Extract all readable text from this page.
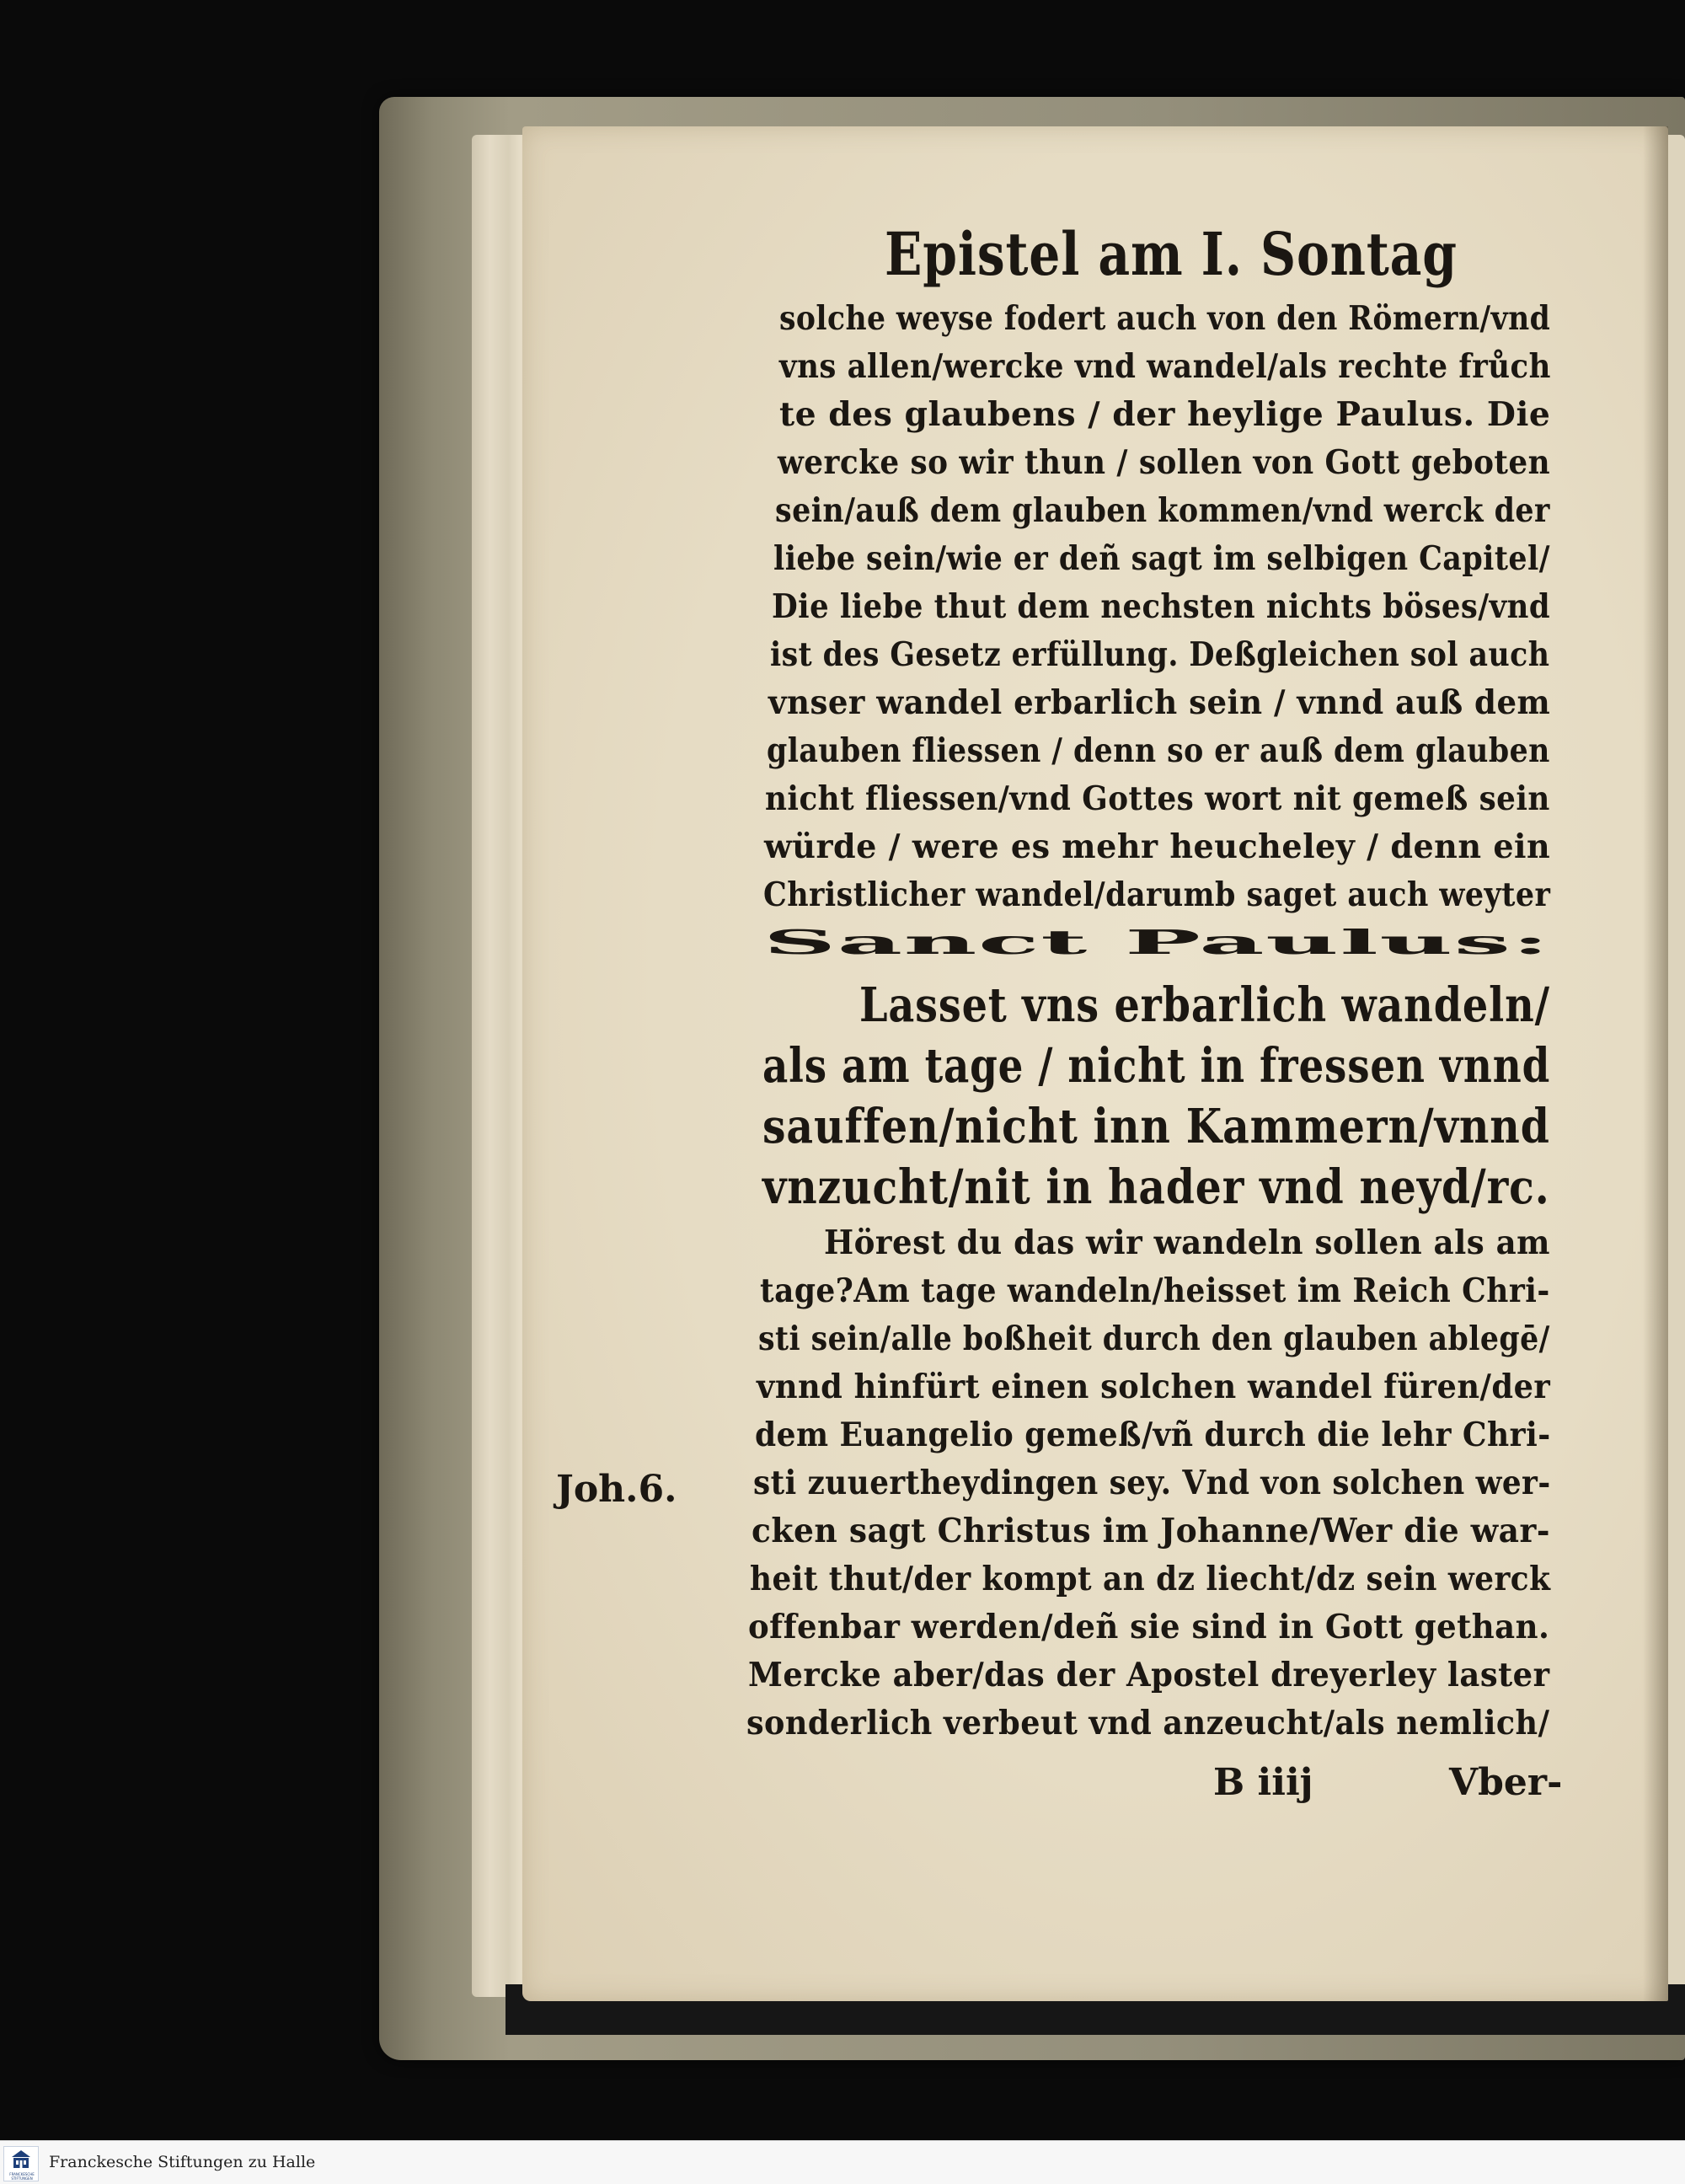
Epistel am I. Sontag
solche weyse fodert auch von den Römern/vnd
vns allen/wercke vnd wandel/als rechte frůch
te des glaubens / der heylige Paulus. Die
wercke so wir thun / sollen von Gott geboten
sein/auß dem glauben kommen/vnd werck der
liebe sein/wie er deñ sagt im selbigen Capitel/
Die liebe thut dem nechsten nichts böses/vnd
ist des Gesetz erfüllung. Deßgleichen sol auch
vnser wandel erbarlich sein / vnnd auß dem
glauben fliessen / denn so er auß dem glauben
nicht fliessen/vnd Gottes wort nit gemeß sein
würde / were es mehr heucheley / denn ein
Christlicher wandel/darumb saget auch weyter
Sanct Paulus:
Lasset vns erbarlich wandeln/
als am tage / nicht in fressen vnnd
sauffen/nicht inn Kammern/vnnd
vnzucht/nit in hader vnd neyd/rc.
Hörest du das wir wandeln sollen als am
tage?Am tage wandeln/heisset im Reich Chri-
sti sein/alle boßheit durch den glauben ablegē/
vnnd hinfürt einen solchen wandel füren/der
dem Euangelio gemeß/vñ durch die lehr Chri-
sti zuuertheydingen sey. Vnd von solchen wer-
cken sagt Christus im Johanne/Wer die war-
heit thut/der kompt an dz liecht/dz sein werck
offenbar werden/deñ sie sind in Gott gethan.
Mercke aber/das der Apostel dreyerley laster
sonderlich verbeut vnd anzeucht/als nemlich/
B iiij	Vber-
Joh.6.
FRANCKESCHE STIFTUNGEN
Franckesche Stiftungen zu Halle
